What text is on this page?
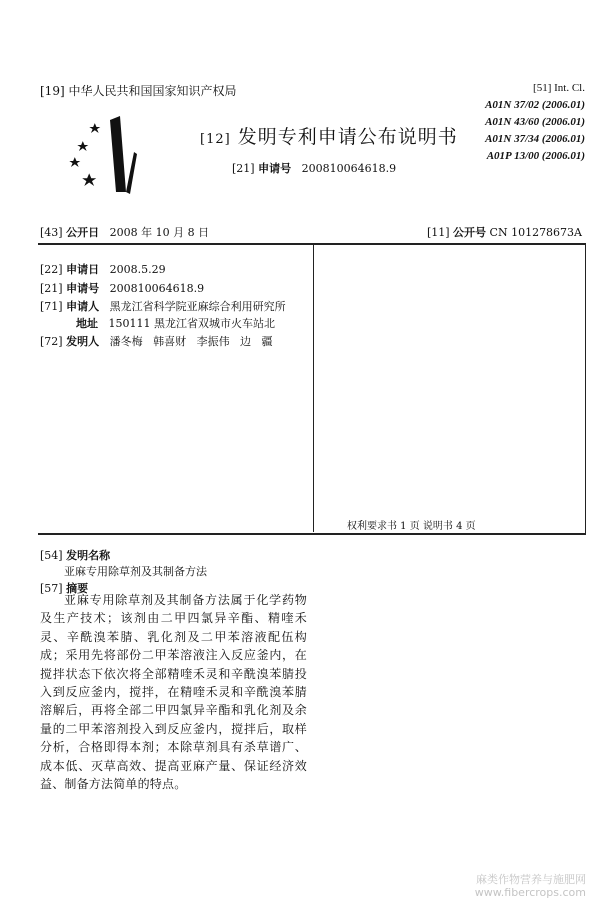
[19] 中华人民共和国国家知识产权局
[12] 发明专利申请公布说明书
[21] 申请号 200810064618.9
[51] Int. Cl.
A01N 37/02 (2006.01)
A01N 43/60 (2006.01)
A01N 37/34 (2006.01)
A01P 13/00 (2006.01)
[43] 公开日 2008 年 10 月 8 日	[11] 公开号 CN 101278673A
[22] 申请日 2008.5.29
[21] 申请号 200810064618.9
[71] 申请人 黑龙江省科学院亚麻综合利用研究所
地址 150111 黑龙江省双城市火车站北
[72] 发明人 潘冬梅   韩喜财   李振伟   边   疆
权利要求书 1 页 说明书 4 页
[54] 发明名称
亚麻专用除草剂及其制备方法
[57] 摘要
亚麻专用除草剂及其制备方法属于化学药物及生产技术；该剂由二甲四氯异辛酯、精喹禾灵、辛酰溴苯腈、乳化剂及二甲苯溶液配伍构成；采用先将部份二甲苯溶液注入反应釜内，在搅拌状态下依次将全部精喹禾灵和辛酰溴苯腈投入到反应釜内，搅拌，在精喹禾灵和辛酰溴苯腈溶解后，再将全部二甲四氯异辛酯和乳化剂及余量的二甲苯溶剂投入到反应釜内，搅拌后，取样分析，合格即得本剂；本除草剂具有杀草谱广、成本低、灭草高效、提高亚麻产量、保证经济效益、制备方法简单的特点。
麻类作物营养与施肥网
www.fibercrops.com
